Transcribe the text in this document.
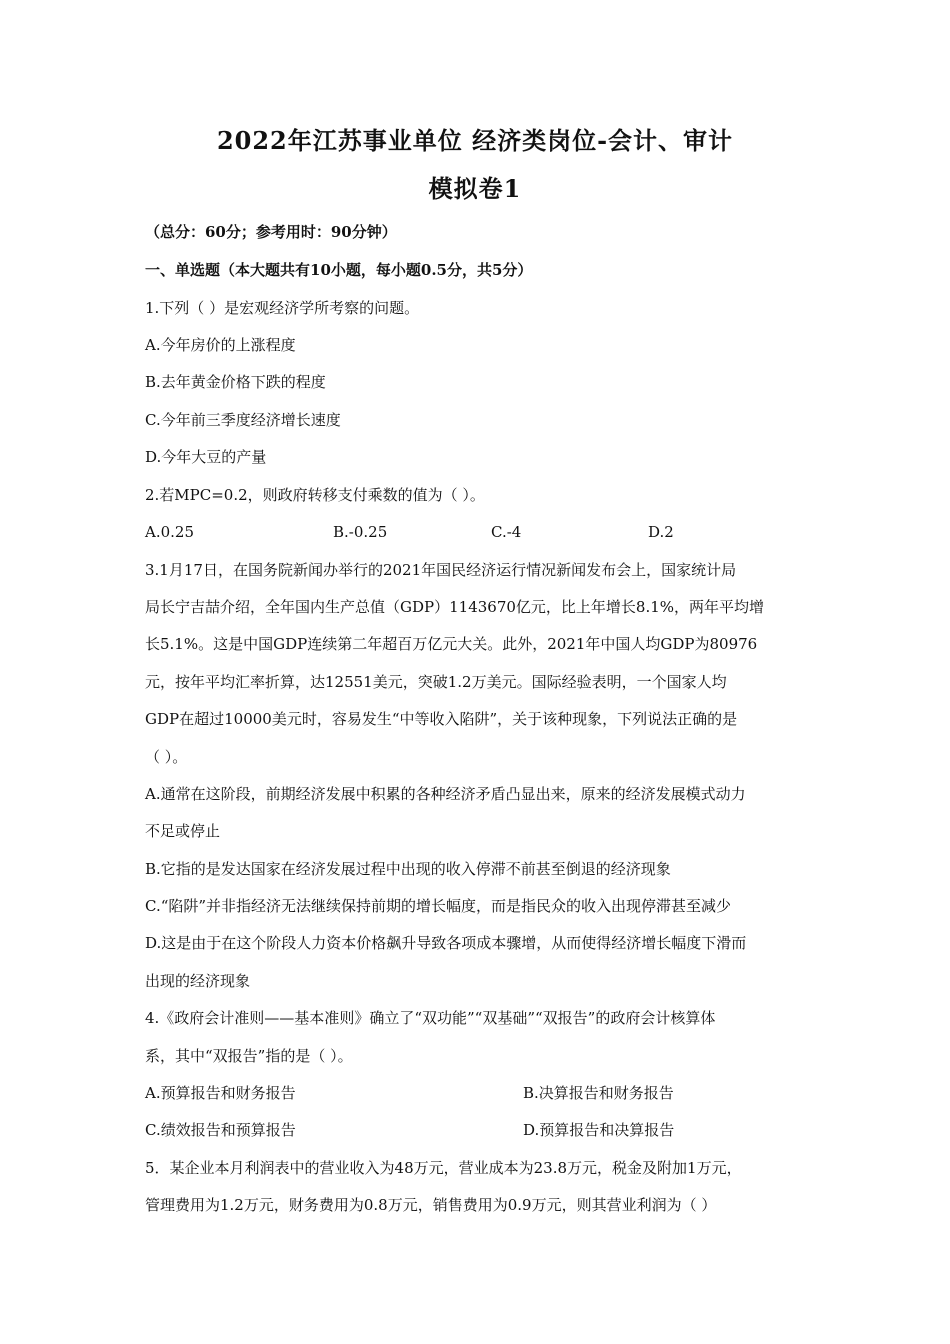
2022年江苏事业单位 经济类岗位-会计、审计
模拟卷1
（总分：60分；参考用时：90分钟）
一、单选题（本大题共有10小题，每小题0.5分，共5分）
1.下列（ ）是宏观经济学所考察的问题。
A.今年房价的上涨程度
B.去年黄金价格下跌的程度
C.今年前三季度经济增长速度
D.今年大豆的产量
2.若MPC=0.2，则政府转移支付乘数的值为（ ）。
A.0.25	B.-0.25	C.-4	D.2
3.1月17日，在国务院新闻办举行的2021年国民经济运行情况新闻发布会上，国家统计局
局长宁吉喆介绍，全年国内生产总值（GDP）1143670亿元，比上年增长8.1%，两年平均增
长5.1%。这是中国GDP连续第二年超百万亿元大关。此外，2021年中国人均GDP为80976
元，按年平均汇率折算，达12551美元，突破1.2万美元。国际经验表明，一个国家人均
GDP在超过10000美元时，容易发生“中等收入陷阱”，关于该种现象，下列说法正确的是
（ ）。
A.通常在这阶段，前期经济发展中积累的各种经济矛盾凸显出来，原来的经济发展模式动力
不足或停止
B.它指的是发达国家在经济发展过程中出现的收入停滞不前甚至倒退的经济现象
C.“陷阱”并非指经济无法继续保持前期的增长幅度，而是指民众的收入出现停滞甚至减少
D.这是由于在这个阶段人力资本价格飙升导致各项成本骤增，从而使得经济增长幅度下滑而
出现的经济现象
4.《政府会计准则——基本准则》确立了“双功能”“双基础”“双报告”的政府会计核算体
系，其中“双报告”指的是（ ）。
A.预算报告和财务报告	B.决算报告和财务报告
C.绩效报告和预算报告	D.预算报告和决算报告
5．某企业本月利润表中的营业收入为48万元，营业成本为23.8万元，税金及附加1万元，
管理费用为1.2万元，财务费用为0.8万元，销售费用为0.9万元，则其营业利润为（ ）
